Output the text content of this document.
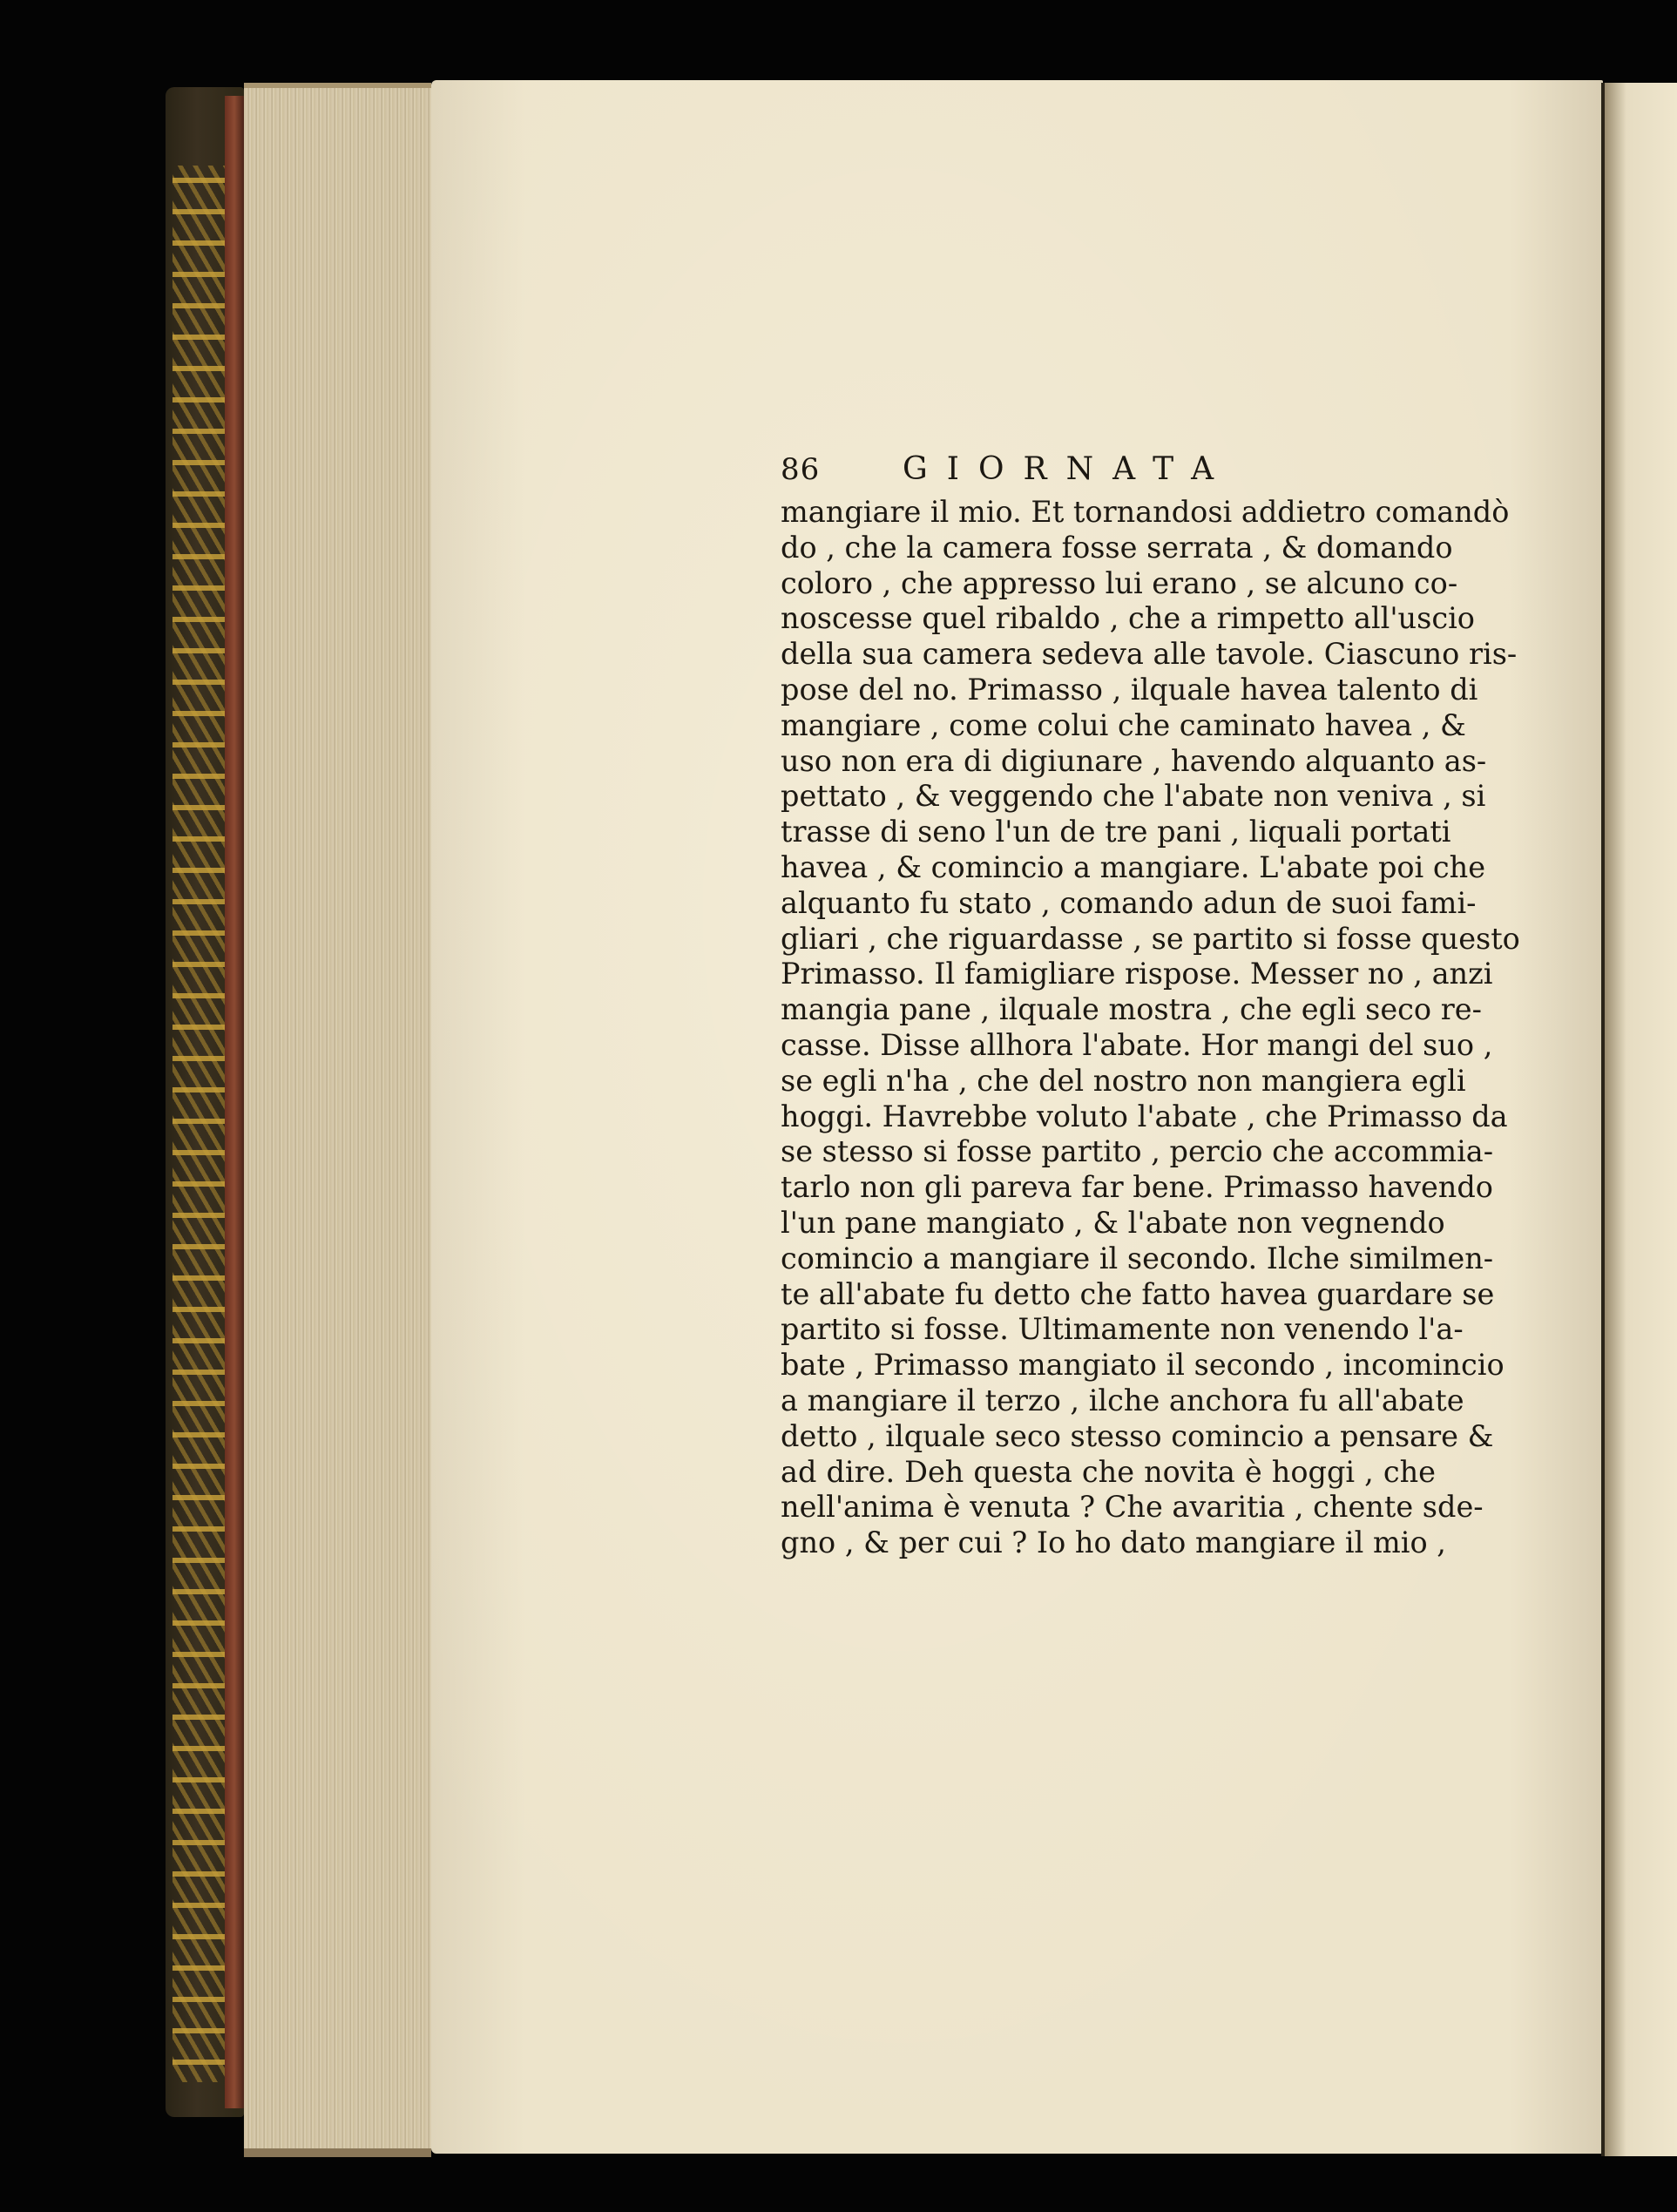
86	GIORNATA
mangiare il mio. Et tornandosi addietro comandò
do , che la camera fosse serrata , & domando
coloro , che appresso lui erano , se alcuno co-
noscesse quel ribaldo , che a rimpetto all'uscio
della sua camera sedeva alle tavole. Ciascuno ris-
pose del no. Primasso , ilquale havea talento di
mangiare , come colui che caminato havea , &
uso non era di digiunare , havendo alquanto as-
pettato , & veggendo che l'abate non veniva , si
trasse di seno l'un de tre pani , liquali portati
havea , & comincio a mangiare. L'abate poi che
alquanto fu stato , comando adun de suoi fami-
gliari , che riguardasse , se partito si fosse questo
Primasso. Il famigliare rispose. Messer no , anzi
mangia pane , ilquale mostra , che egli seco re-
casse. Disse allhora l'abate. Hor mangi del suo ,
se egli n'ha , che del nostro non mangiera egli
hoggi. Havrebbe voluto l'abate , che Primasso da
se stesso si fosse partito , percio che accommia-
tarlo non gli pareva far bene. Primasso havendo
l'un pane mangiato , & l'abate non vegnendo
comincio a mangiare il secondo. Ilche similmen-
te all'abate fu detto che fatto havea guardare se
partito si fosse. Ultimamente non venendo l'a-
bate , Primasso mangiato il secondo , incomincio
a mangiare il terzo , ilche anchora fu all'abate
detto , ilquale seco stesso comincio a pensare &
ad dire. Deh questa che novita è hoggi , che
nell'anima è venuta ? Che avaritia , chente sde-
gno , & per cui ? Io ho dato mangiare il mio ,
